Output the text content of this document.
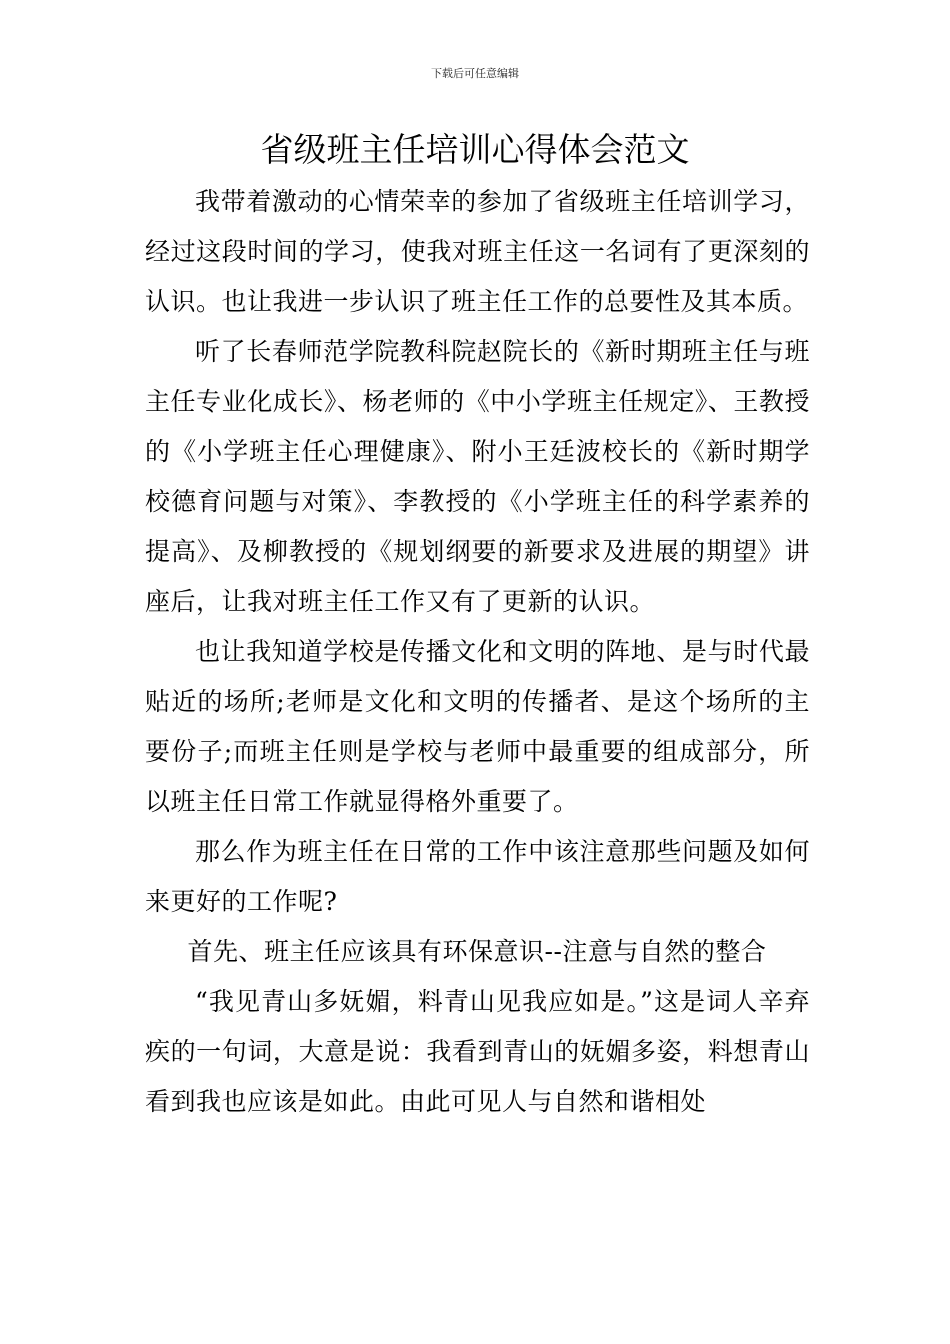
下载后可任意编辑
省级班主任培训心得体会范文

我带着激动的心情荣幸的参加了省级班主任培训学习，经过这段时间的学习，使我对班主任这一名词有了更深刻的认识。也让我进一步认识了班主任工作的总要性及其本质。

听了长春师范学院教科院赵院长的《新时期班主任与班主任专业化成长》、杨老师的《中小学班主任规定》、王教授的《小学班主任心理健康》、附小王廷波校长的《新时期学校德育问题与对策》、李教授的《小学班主任的科学素养的提高》、及柳教授的《规划纲要的新要求及进展的期望》讲座后，让我对班主任工作又有了更新的认识。

也让我知道学校是传播文化和文明的阵地、是与时代最贴近的场所;老师是文化和文明的传播者、是这个场所的主要份子;而班主任则是学校与老师中最重要的组成部分，所以班主任日常工作就显得格外重要了。

那么作为班主任在日常的工作中该注意那些问题及如何来更好的工作呢?

首先、班主任应该具有环保意识--注意与自然的整合

“我见青山多妩媚，料青山见我应如是。”这是词人辛弃疾的一句词，大意是说：我看到青山的妩媚多姿，料想青山看到我也应该是如此。由此可见人与自然和谐相处
